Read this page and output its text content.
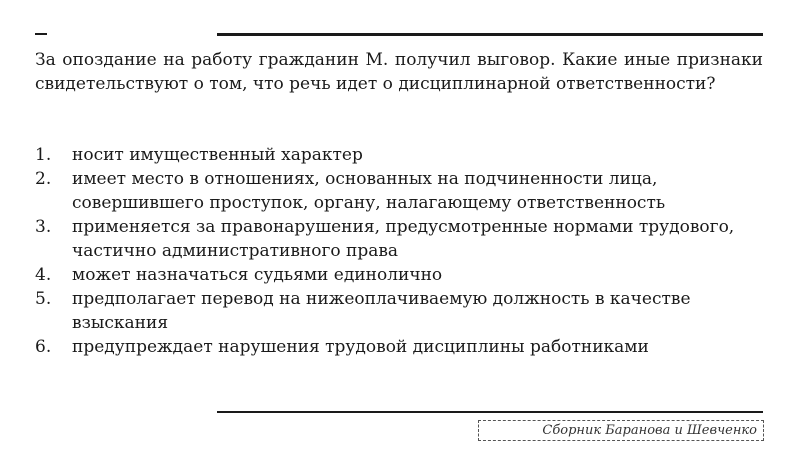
За опоздание на работу гражданин М. получил выговор. Какие иные признаки свидетельствуют о том, что речь идет о дисциплинарной ответственности?

1.	носит имущественный характер
2.	имеет место в отношениях, основанных на подчиненности лица, совершившего проступок, органу, налагающему ответственность
3.	применяется за правонарушения, предусмотренные нормами трудового, частично административного права
4.	может назначаться судьями единолично
5.	предполагает перевод на нижеоплачиваемую должность в качестве взыскания
6.	предупреждает нарушения трудовой дисциплины работниками
Сборник Баранова и Шевченко
